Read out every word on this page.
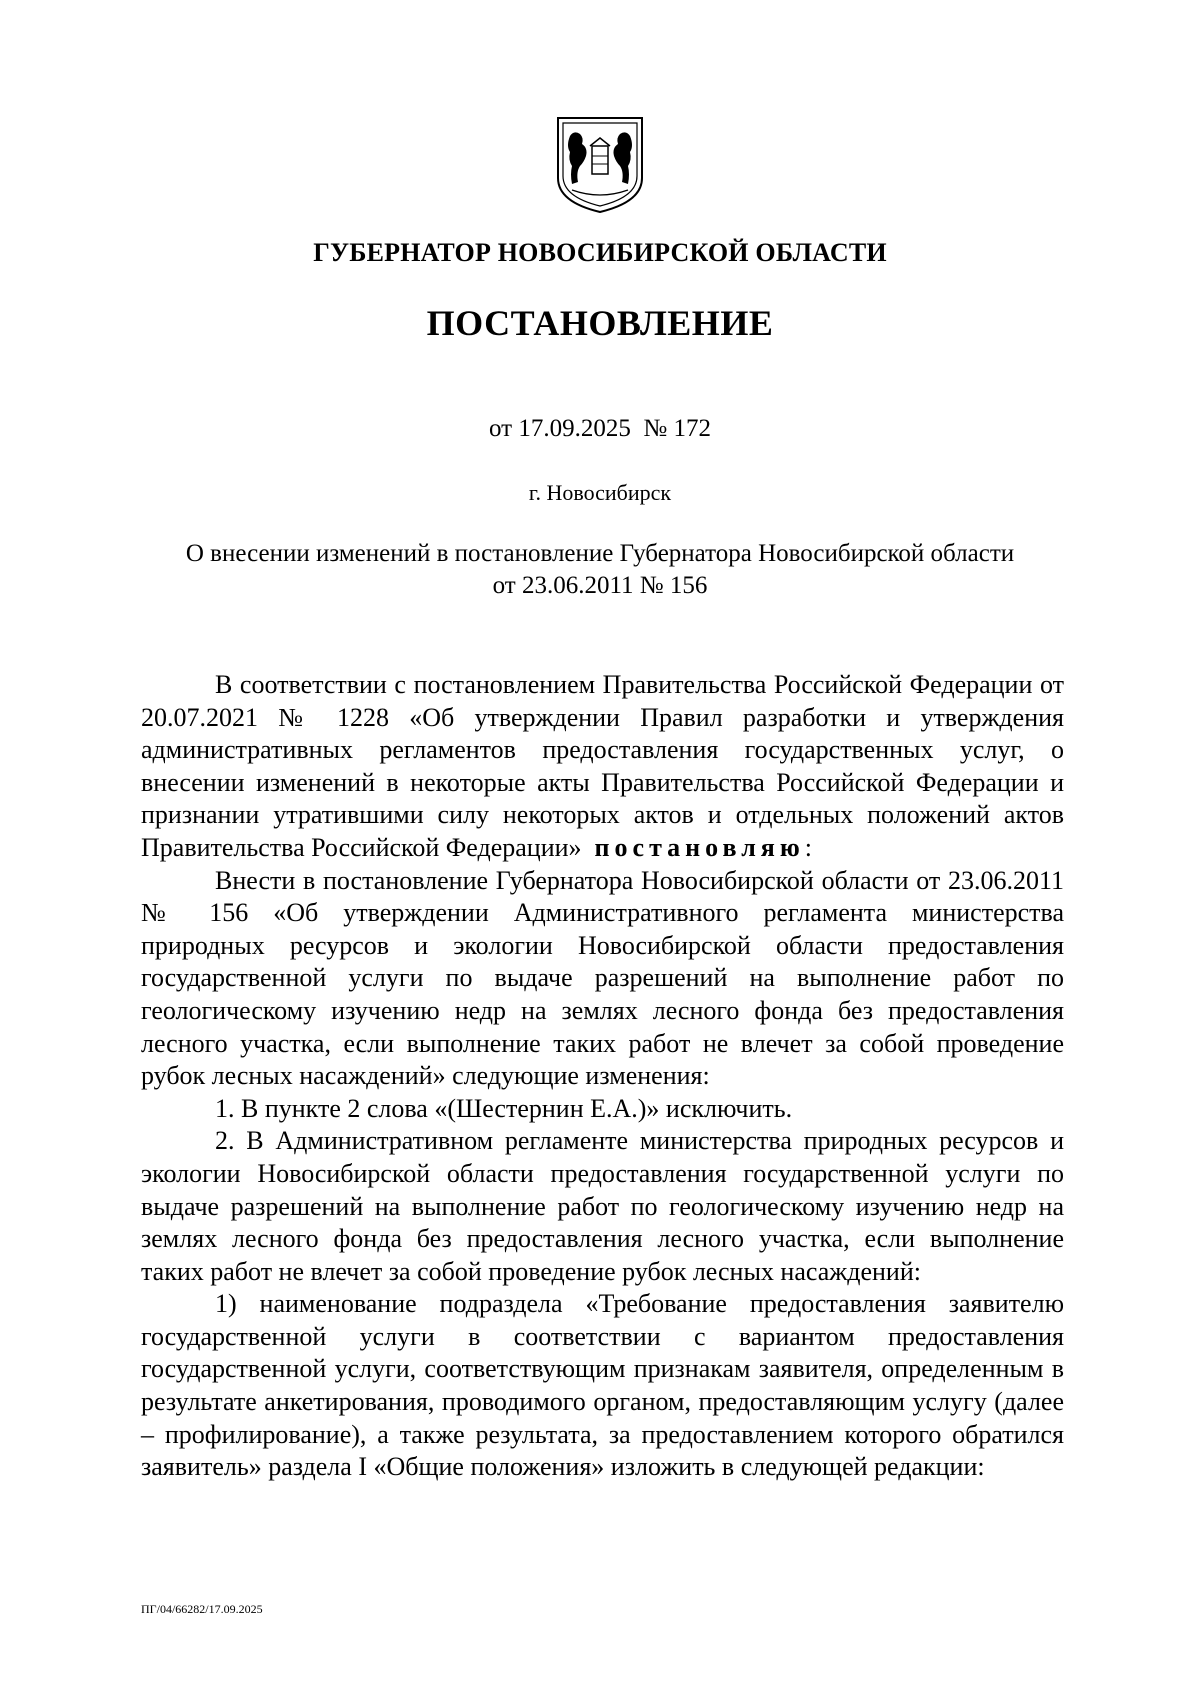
ГУБЕРНАТОР НОВОСИБИРСКОЙ ОБЛАСТИ
ПОСТАНОВЛЕНИЕ
от 17.09.2025  № 172
г. Новосибирск
О внесении изменений в постановление Губернатора Новосибирской области
от 23.06.2011 № 156

В соответствии с постановлением Правительства Российской Федерации от 20.07.2021 № 1228 «Об утверждении Правил разработки и утверждения административных регламентов предоставления государственных услуг, о внесении изменений в некоторые акты Правительства Российской Федерации и признании утратившими силу некоторых актов и отдельных положений актов Правительства Российской Федерации» постановляю:

Внести в постановление Губернатора Новосибирской области от 23.06.2011 № 156 «Об утверждении Административного регламента министерства природных ресурсов и экологии Новосибирской области предоставления государственной услуги по выдаче разрешений на выполнение работ по геологическому изучению недр на землях лесного фонда без предоставления лесного участка, если выполнение таких работ не влечет за собой проведение рубок лесных насаждений» следующие изменения:

1. В пункте 2 слова «(Шестернин Е.А.)» исключить.

2. В Административном регламенте министерства природных ресурсов и экологии Новосибирской области предоставления государственной услуги по выдаче разрешений на выполнение работ по геологическому изучению недр на землях лесного фонда без предоставления лесного участка, если выполнение таких работ не влечет за собой проведение рубок лесных насаждений:

1) наименование подраздела «Требование предоставления заявителю государственной услуги в соответствии с вариантом предоставления государственной услуги, соответствующим признакам заявителя, определенным в результате анкетирования, проводимого органом, предоставляющим услугу (далее – профилирование), а также результата, за предоставлением которого обратился заявитель» раздела I «Общие положения» изложить в следующей редакции:

ПГ/04/66282/17.09.2025
